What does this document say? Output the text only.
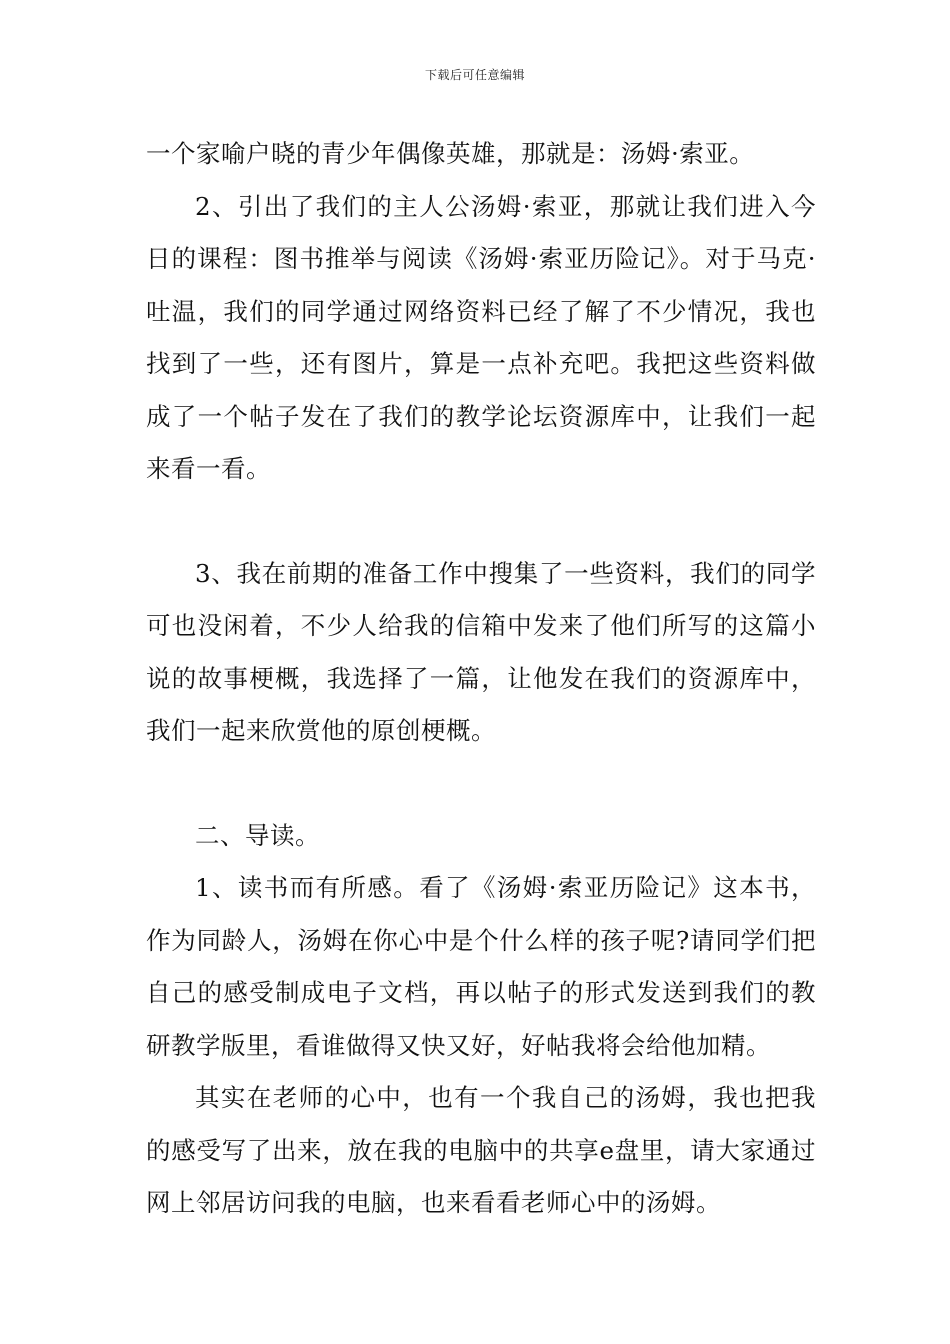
下载后可任意编辑

一个家喻户晓的青少年偶像英雄，那就是：汤姆·索亚。

2、引出了我们的主人公汤姆·索亚，那就让我们进入今日的课程：图书推举与阅读《汤姆·索亚历险记》。对于马克·吐温，我们的同学通过网络资料已经了解了不少情况，我也找到了一些，还有图片，算是一点补充吧。我把这些资料做成了一个帖子发在了我们的教学论坛资源库中，让我们一起来看一看。

3、我在前期的准备工作中搜集了一些资料，我们的同学可也没闲着，不少人给我的信箱中发来了他们所写的这篇小说的故事梗概，我选择了一篇，让他发在我们的资源库中，我们一起来欣赏他的原创梗概。

二、导读。

1、读书而有所感。看了《汤姆·索亚历险记》这本书，作为同龄人，汤姆在你心中是个什么样的孩子呢?请同学们把自己的感受制成电子文档，再以帖子的形式发送到我们的教研教学版里，看谁做得又快又好，好帖我将会给他加精。

其实在老师的心中，也有一个我自己的汤姆，我也把我的感受写了出来，放在我的电脑中的共享e盘里，请大家通过网上邻居访问我的电脑，也来看看老师心中的汤姆。
